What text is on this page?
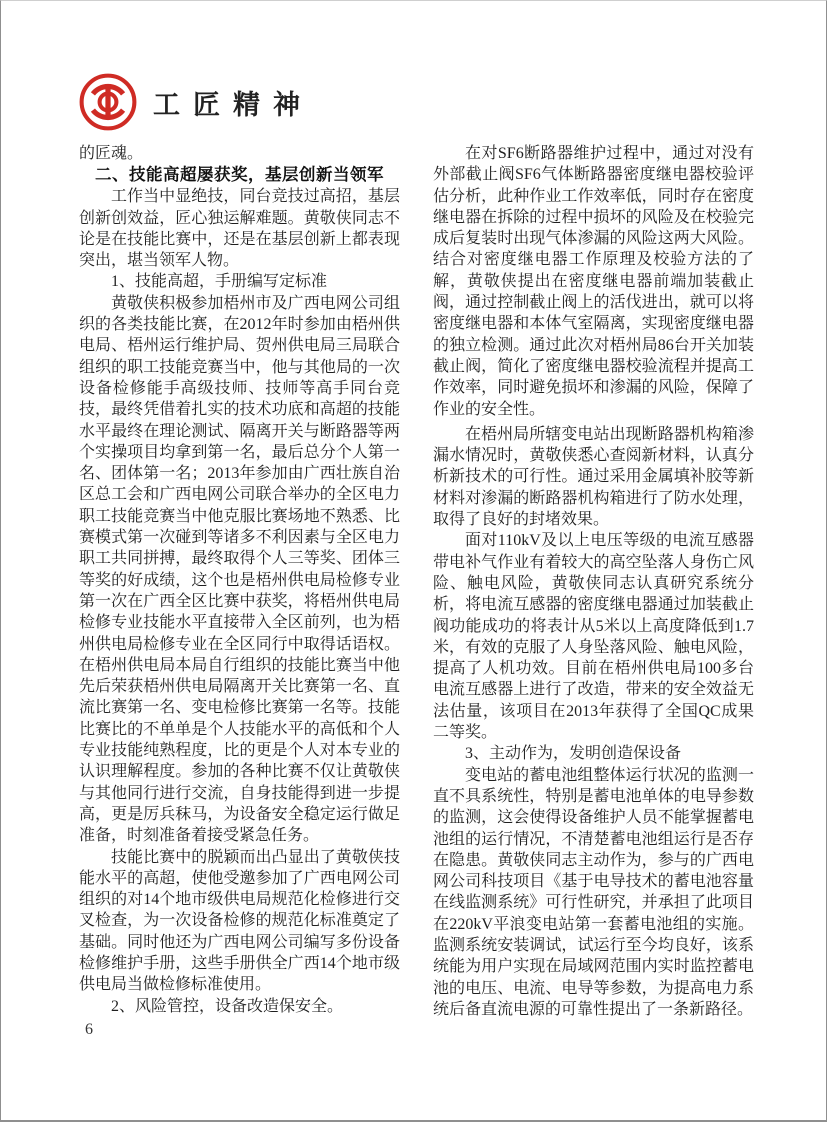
工匠精神

的匠魂。

二、技能高超屡获奖，基层创新当领军

工作当中显绝技，同台竞技过高招，基层创新创效益，匠心独运解难题。黄敬侠同志不论是在技能比赛中，还是在基层创新上都表现突出，堪当领军人物。

1、技能高超，手册编写定标准

黄敬侠积极参加梧州市及广西电网公司组织的各类技能比赛，在2012年时参加由梧州供电局、梧州运行维护局、贺州供电局三局联合组织的职工技能竞赛当中，他与其他局的一次设备检修能手高级技师、技师等高手同台竞技，最终凭借着扎实的技术功底和高超的技能水平最终在理论测试、隔离开关与断路器等两个实操项目均拿到第一名，最后总分个人第一名、团体第一名；2013年参加由广西壮族自治区总工会和广西电网公司联合举办的全区电力职工技能竞赛当中他克服比赛场地不熟悉、比赛模式第一次碰到等诸多不利因素与全区电力职工共同拼搏，最终取得个人三等奖、团体三等奖的好成绩，这个也是梧州供电局检修专业第一次在广西全区比赛中获奖，将梧州供电局检修专业技能水平直接带入全区前列，也为梧州供电局检修专业在全区同行中取得话语权。在梧州供电局本局自行组织的技能比赛当中他先后荣获梧州供电局隔离开关比赛第一名、直流比赛第一名、变电检修比赛第一名等。技能比赛比的不单单是个人技能水平的高低和个人专业技能纯熟程度，比的更是个人对本专业的认识理解程度。参加的各种比赛不仅让黄敬侠与其他同行进行交流，自身技能得到进一步提高，更是厉兵秣马，为设备安全稳定运行做足准备，时刻准备着接受紧急任务。

技能比赛中的脱颖而出凸显出了黄敬侠技能水平的高超，使他受邀参加了广西电网公司组织的对14个地市级供电局规范化检修进行交叉检查，为一次设备检修的规范化标准奠定了基础。同时他还为广西电网公司编写多份设备检修维护手册，这些手册供全广西14个地市级供电局当做检修标准使用。

2、风险管控，设备改造保安全。

在对SF6断路器维护过程中，通过对没有外部截止阀SF6气体断路器密度继电器校验评估分析，此种作业工作效率低，同时存在密度继电器在拆除的过程中损坏的风险及在校验完成后复装时出现气体渗漏的风险这两大风险。结合对密度继电器工作原理及校验方法的了解，黄敬侠提出在密度继电器前端加装截止阀，通过控制截止阀上的活伐进出，就可以将密度继电器和本体气室隔离，实现密度继电器的独立检测。通过此次对梧州局86台开关加装截止阀，简化了密度继电器校验流程并提高工作效率，同时避免损坏和渗漏的风险，保障了作业的安全性。

在梧州局所辖变电站出现断路器机构箱渗漏水情况时，黄敬侠悉心查阅新材料，认真分析新技术的可行性。通过采用金属填补胶等新材料对渗漏的断路器机构箱进行了防水处理，取得了良好的封堵效果。

面对110kV及以上电压等级的电流互感器带电补气作业有着较大的高空坠落人身伤亡风险、触电风险，黄敬侠同志认真研究系统分析，将电流互感器的密度继电器通过加装截止阀功能成功的将表计从5米以上高度降低到1.7米，有效的克服了人身坠落风险、触电风险，提高了人机功效。目前在梧州供电局100多台电流互感器上进行了改造，带来的安全效益无法估量，该项目在2013年获得了全国QC成果二等奖。

3、主动作为，发明创造保设备

变电站的蓄电池组整体运行状况的监测一直不具系统性，特别是蓄电池单体的电导参数的监测，这会使得设备维护人员不能掌握蓄电池组的运行情况，不清楚蓄电池组运行是否存在隐患。黄敬侠同志主动作为，参与的广西电网公司科技项目《基于电导技术的蓄电池容量在线监测系统》可行性研究，并承担了此项目在220kV平浪变电站第一套蓄电池组的实施。监测系统安装调试，试运行至今均良好，该系统能为用户实现在局域网范围内实时监控蓄电池的电压、电流、电导等参数，为提高电力系统后备直流电源的可靠性提出了一条新路径。

6
